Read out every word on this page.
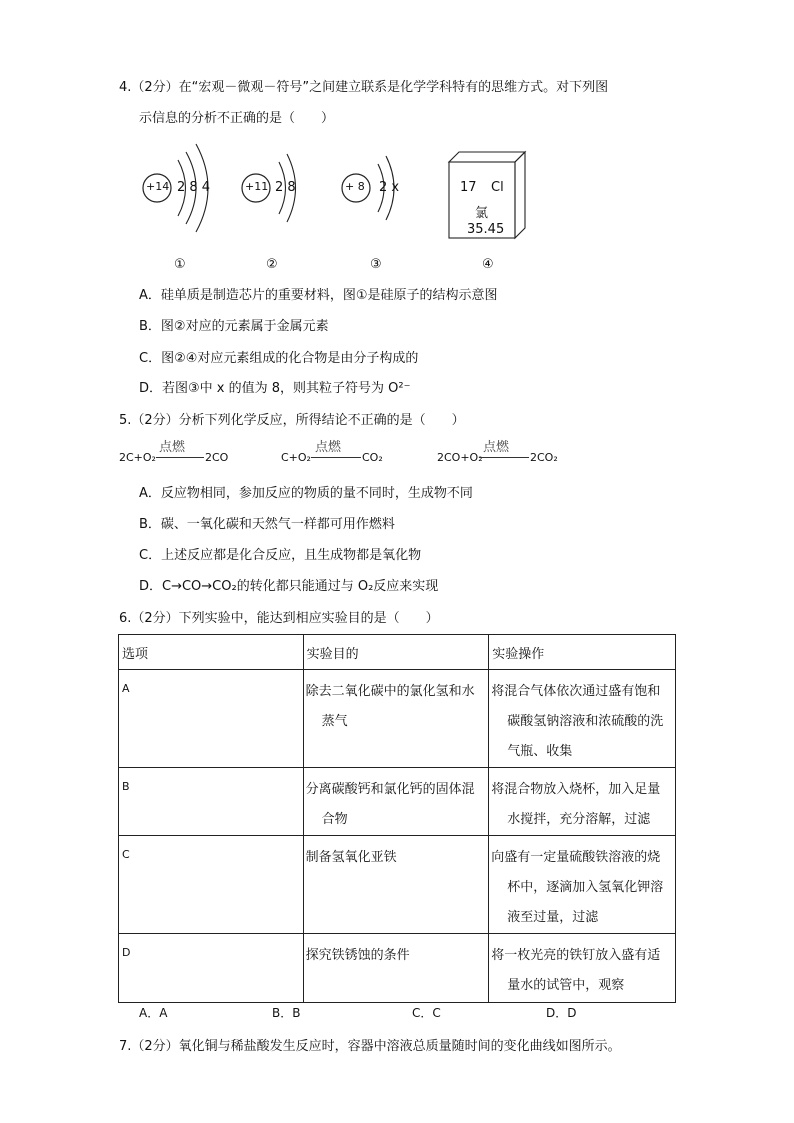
4.（2分）在“宏观－微观－符号”之间建立联系是化学学科特有的思维方式。对下列图
示信息的分析不正确的是（　　）
+14 2 8 4	+11 2 8	+ 8 2 x	17 Cl
氯
35.45
①	②	③	④
A．硅单质是制造芯片的重要材料，图①是硅原子的结构示意图
B．图②对应的元素属于金属元素
C．图②④对应元素组成的化合物是由分子构成的
D．若图③中 x 的值为 8，则其粒子符号为 O²⁻
5.（2分）分析下列化学反应，所得结论不正确的是（　　）
2C+O₂
点燃
2CO	C+O₂
点燃
CO₂	2CO+O₂
点燃
2CO₂
A．反应物相同，参加反应的物质的量不同时，生成物不同
B．碳、一氧化碳和天然气一样都可用作燃料
C．上述反应都是化合反应，且生成物都是氧化物
D．C→CO→CO₂的转化都只能通过与 O₂反应来实现
6.（2分）下列实验中，能达到相应实验目的是（　　）
选项	实验目的	实验操作

A	除去二氧化碳中的氯化氢和水蒸气	将混合气体依次通过盛有饱和碳酸氢钠溶液和浓硫酸的洗气瓶、收集

B	分离碳酸钙和氯化钙的固体混合物	将混合物放入烧杯，加入足量水搅拌，充分溶解，过滤

C	制备氢氧化亚铁	向盛有一定量硫酸铁溶液的烧杯中，逐滴加入氢氧化钾溶液至过量，过滤

D	探究铁锈蚀的条件	将一枚光亮的铁钉放入盛有适量水的试管中，观察
A．A	B．B	C．C	D．D
7.（2分）氧化铜与稀盐酸发生反应时，容器中溶液总质量随时间的变化曲线如图所示。
